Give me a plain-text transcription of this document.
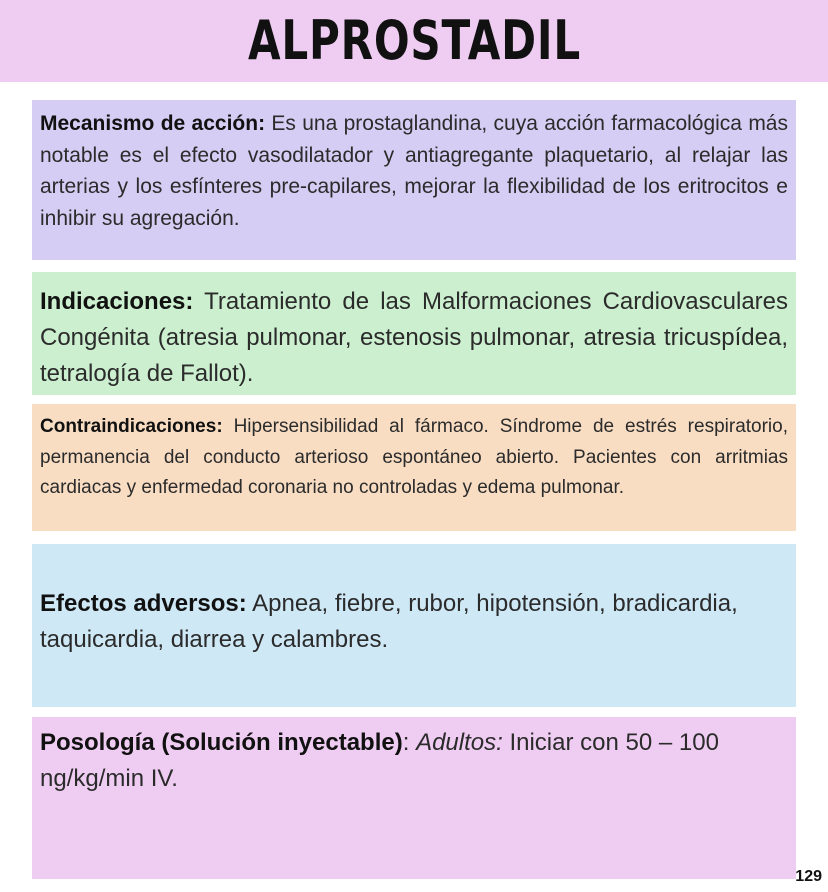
ALPROSTADIL
Mecanismo de acción: Es una prostaglandina, cuya acción farmacológica más notable es el efecto vasodilatador y antiagregante plaquetario, al relajar las arterias y los esfínteres pre-capilares, mejorar la flexibilidad de los eritrocitos e inhibir su agregación.
Indicaciones: Tratamiento de las Malformaciones Cardiovasculares Congénita (atresia pulmonar, estenosis pulmonar, atresia tricuspídea, tetralogía de Fallot).
Contraindicaciones: Hipersensibilidad al fármaco. Síndrome de estrés respiratorio, permanencia del conducto arterioso espontáneo abierto. Pacientes con arritmias cardiacas y enfermedad coronaria no controladas y edema pulmonar.
Efectos adversos: Apnea, fiebre, rubor, hipotensión, bradicardia, taquicardia, diarrea y calambres.
Posología (Solución inyectable): Adultos: Iniciar con 50 – 100 ng/kg/min IV.
129
